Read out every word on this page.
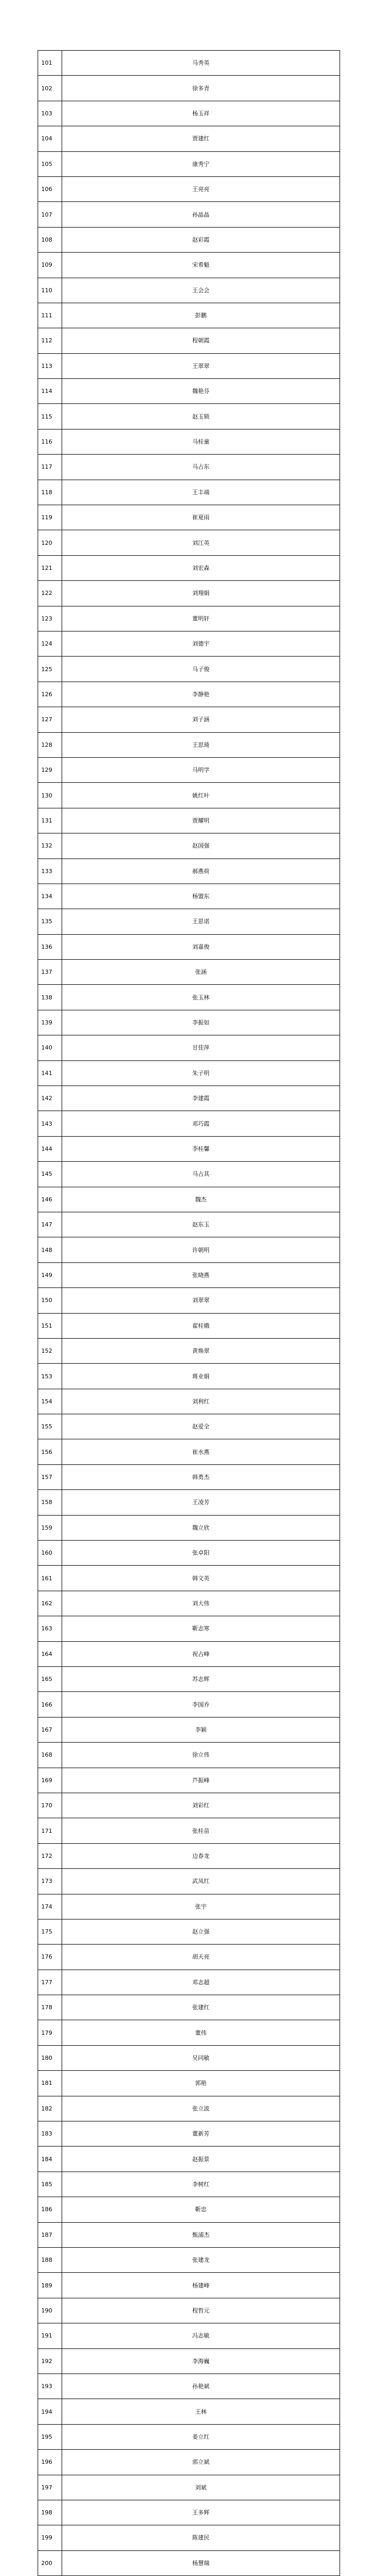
101	马秀英
102	徐多青
103	杨玉祥
104	贾建红
105	康秀宁
106	王亮亮
107	孙晶晶
108	赵彩霞
109	宋希魁
110	王会会
111	彭鹏
112	程朝霞
113	王翠翠
114	魏艳芬
115	赵玉锁
116	马桂童
117	马占东
118	王丰端
119	崔夏雨
120	刘江英
121	刘宏森
122	刘翔娟
123	董明轩
124	刘德宇
125	马子俊
126	李静艳
127	刘子涵
128	王思琦
129	马明学
130	姚红叶
131	贾耀明
132	赵国强
133	郝燕荷
134	杨盟东
135	王思诺
136	刘嘉俊
137	张涵
138	张玉林
139	李振如
140	甘佳萍
141	朱子明
142	李建霞
143	邓巧霞
144	李桂馨
145	马占其
146	魏杰
147	赵东玉
148	许朝明
149	张晓燕
150	刘翠翠
151	翟桂娥
152	黄焕翠
153	蒋业娟
154	刘利红
155	赵爱全
156	崔水燕
157	韩勇杰
158	王凌芳
159	魏立欣
160	张卓阳
161	韩文英
162	刘大伟
163	靳志寒
164	祝占峰
165	苏志辉
166	李国乔
167	李颖
168	徐立伟
169	芦振峰
170	刘彩红
171	张桂苗
172	边春龙
173	武凤红
174	张宇
175	赵立强
176	胡天亮
177	邓志超
178	张建红
179	董伟
180	吴同敏
181	郭艳
182	张立波
183	董新芳
184	赵振景
185	李树红
186	靳忠
187	甄浦杰
188	张建龙
189	杨建峰
190	程哲元
191	冯志敏
192	李海巍
193	孙艳斌
194	王林
195	姜立红
196	郭立斌
197	刘斌
198	王多辉
199	陈建民
200	杨慧瑞
